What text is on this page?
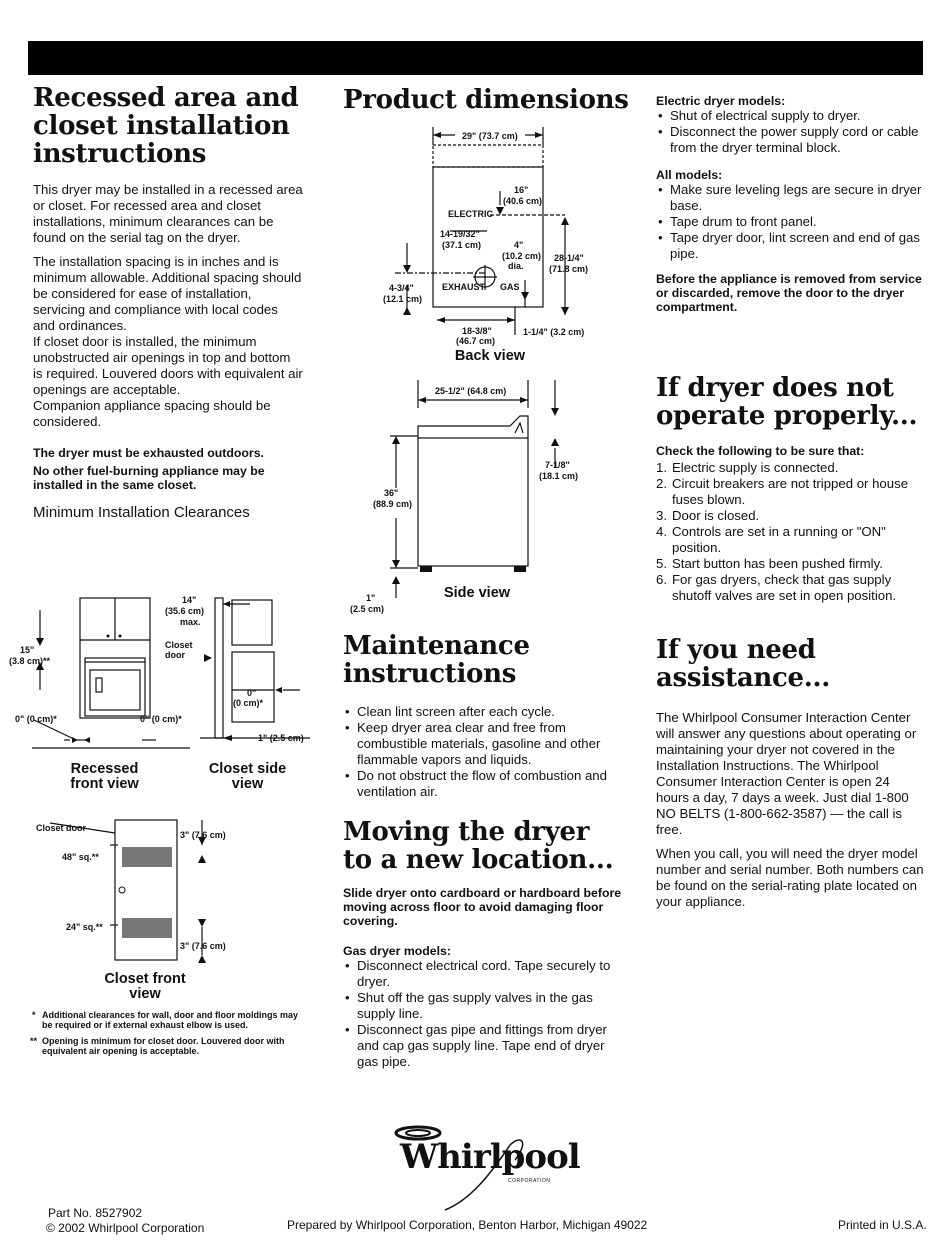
Recessed area and closet installation instructions

This dryer may be installed in a recessed area or closet. For recessed area and closet installations, minimum clearances can be found on the serial tag on the dryer.

The installation spacing is in inches and is minimum allowable. Additional spacing should be considered for ease of installation, servicing and compliance with local codes and ordinances.

If closet door is installed, the minimum unobstructed air openings in top and bottom is required. Louvered doors with equivalent air openings are acceptable.

Companion appliance spacing should be considered.

The dryer must be exhausted outdoors.

No other fuel-burning appliance may be installed in the same closet.

Minimum Installation Clearances
15"
(3.8 cm)**
0" (0 cm)*	0" (0 cm)*
Recessed front view
14"
(35.6 cm)
max.
Closet door
0"
(0 cm)*
1" (2.5 cm)
Closet side view
Closet door
48" sq.**
24" sq.**
3" (7.6 cm)
3" (7.6 cm)
Closet front view
* Additional clearances for wall, door and floor moldings may be required or if external exhaust elbow is used.
** Opening is minimum for closet door. Louvered door with equivalent air opening is acceptable.
Product dimensions
29" (73.7 cm)
16"
(40.6 cm)
ELECTRIC
14-19/32"
(37.1 cm)	4"
(10.2 cm)
dia.
28-1/4"
(71.8 cm)
4-3/4"
(12.1 cm)
EXHAUST GAS
18-3/8"
(46.7 cm)
1-1/4" (3.2 cm)
Back view
25-1/2" (64.8 cm)
36"
(88.9 cm)
7-1/8"
(18.1 cm)
1"
(2.5 cm)
Side view
Maintenance instructions
• Clean lint screen after each cycle.
• Keep dryer area clear and free from combustible materials, gasoline and other flammable vapors and liquids.
• Do not obstruct the flow of combustion and ventilation air.
Moving the dryer to a new location...

Slide dryer onto cardboard or hardboard before moving across floor to avoid damaging floor covering.

Gas dryer models:

• Disconnect electrical cord. Tape securely to dryer.
• Shut off the gas supply valves in the gas supply line.
• Disconnect gas pipe and fittings from dryer and cap gas supply line. Tape end of dryer gas pipe.

Electric dryer models:

• Shut of electrical supply to dryer.
• Disconnect the power supply cord or cable from the dryer terminal block.

All models:

• Make sure leveling legs are secure in dryer base.
• Tape drum to front panel.
• Tape dryer door, lint screen and end of gas pipe.

Before the appliance is removed from service or discarded, remove the door to the dryer compartment.

If dryer does not operate properly...

Check the following to be sure that:

1. Electric supply is connected.
2. Circuit breakers are not tripped or house fuses blown.
3. Door is closed.
4. Controls are set in a running or "ON" position.
5. Start button has been pushed firmly.
6. For gas dryers, check that gas supply shutoff valves are set in open position.
If you need assistance...

The Whirlpool Consumer Interaction Center will answer any questions about operating or maintaining your dryer not covered in the Installation Instructions. The Whirlpool Consumer Interaction Center is open 24 hours a day, 7 days a week. Just dial 1-800 NO BELTS (1-800-662-3587) — the call is free.

When you call, you will need the dryer model number and serial number. Both numbers can be found on the serial-rating plate located on your appliance.

Whirlpool
CORPORATION
Part No. 8527902
© 2002 Whirlpool Corporation	Prepared by Whirlpool Corporation, Benton Harbor, Michigan 49022	Printed in U.S.A.
